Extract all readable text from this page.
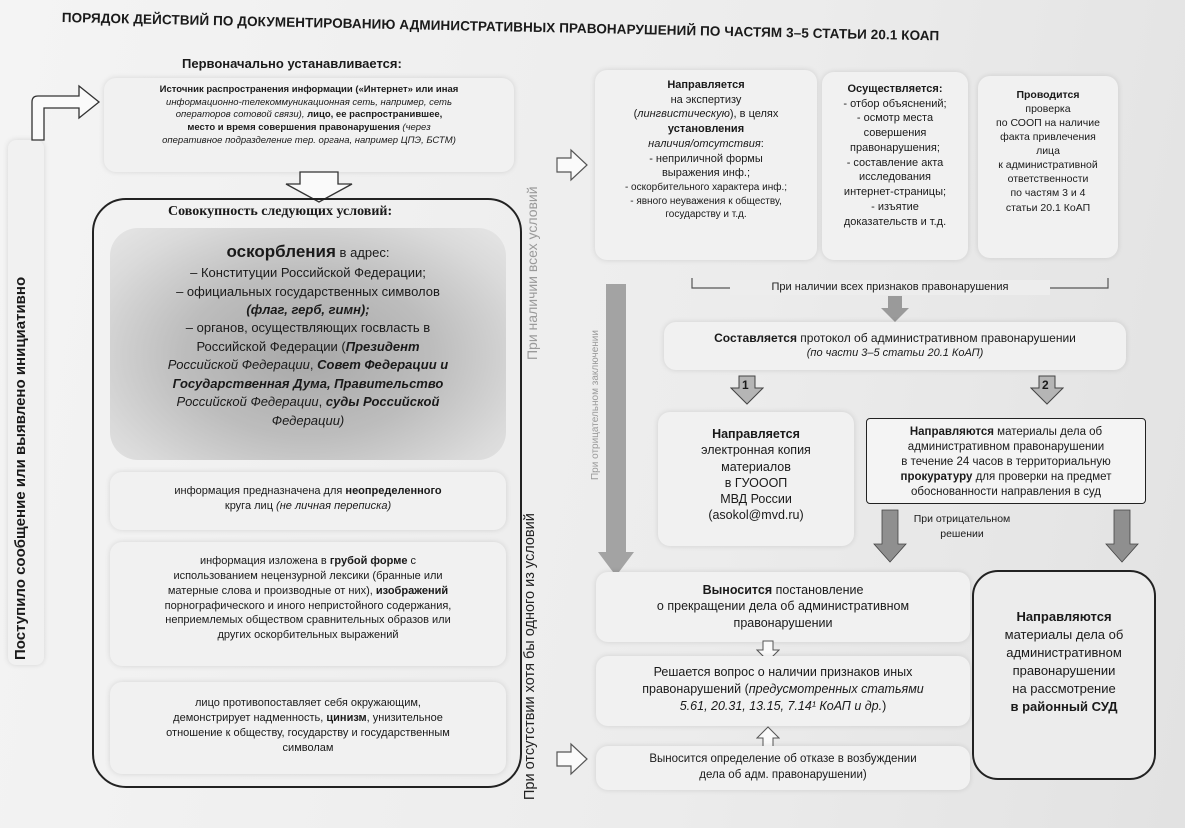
ПОРЯДОК ДЕЙСТВИЙ ПО ДОКУМЕНТИРОВАНИЮ АДМИНИСТРАТИВНЫХ ПРАВОНАРУШЕНИЙ ПО ЧАСТЯМ 3–5 СТАТЬИ 20.1 КОАП
Поступило сообщение или выявлено инициативно
Первоначально устанавливается:
Источник распространения информации («Интернет» или иная
информационно-телекоммуникационная сеть, например, сеть
операторов сотовой связи), лицо, ее распространившее,
место и время совершения правонарушения (через
оперативное подразделение тер. органа, например ЦПЭ, БСТМ)
Совокупность следующих условий:
оскорбления в адрес:
– Конституции Российской Федерации;
– официальных государственных символов
(флаг, герб, гимн);
– органов, осуществляющих госвласть в
Российской Федерации (Президент
Российской Федерации, Совет Федерации и
Государственная Дума, Правительство
Российской Федерации, суды Российской
Федерации)
информация предназначена для неопределенного
круга лиц (не личная переписка)
информация изложена в грубой форме с
использованием нецензурной лексики (бранные или
матерные слова и производные от них), изображений
порнографического и иного непристойного содержания,
неприемлемых обществом сравнительных образов или
других оскорбительных выражений
лицо противопоставляет себя окружающим,
демонстрирует надменность, цинизм, унизительное
отношение к обществу, государству и государственным
символам
При наличии всех условий
При отсутствии хотя бы одного из условий
Направляется
на экспертизу
(лингвистическую), в целях
установления
наличия/отсутствия:
- неприличной формы
выражения инф.;
- оскорбительного характера инф.;
- явного неуважения к обществу,
государству и т.д.
Осуществляется:
- отбор объяснений;
- осмотр места
совершения
правонарушения;
- составление акта
исследования
интернет-страницы;
- изъятие
доказательств и т.д.
Проводится
проверка
по СООП на наличие
факта привлечения
лица
к административной
ответственности
по частям 3 и 4
статьи 20.1 КоАП
При наличии всех признаков правонарушения
Составляется протокол об административном правонарушении
(по части 3–5 статьи 20.1 КоАП)
1	2
При отрицательном заключении	Направляется
электронная копия
материалов
в ГУОООП
МВД России
(asokol@mvd.ru)
Направляются материалы дела об
административном правонарушении
в течение 24 часов в территориальную
прокуратуру для проверки на предмет
обоснованности направления в суд
При отрицательном решении
Выносится постановление
о прекращении дела об административном
правонарушении
Решается вопрос о наличии признаков иных
правонарушений (предусмотренных статьями
5.61, 20.31, 13.15, 7.14¹ КоАП и др.)
Выносится определение об отказе в возбуждении
дела об адм. правонарушении)
Направляются
материалы дела об
административном
правонарушении
на рассмотрение
в районный СУД
